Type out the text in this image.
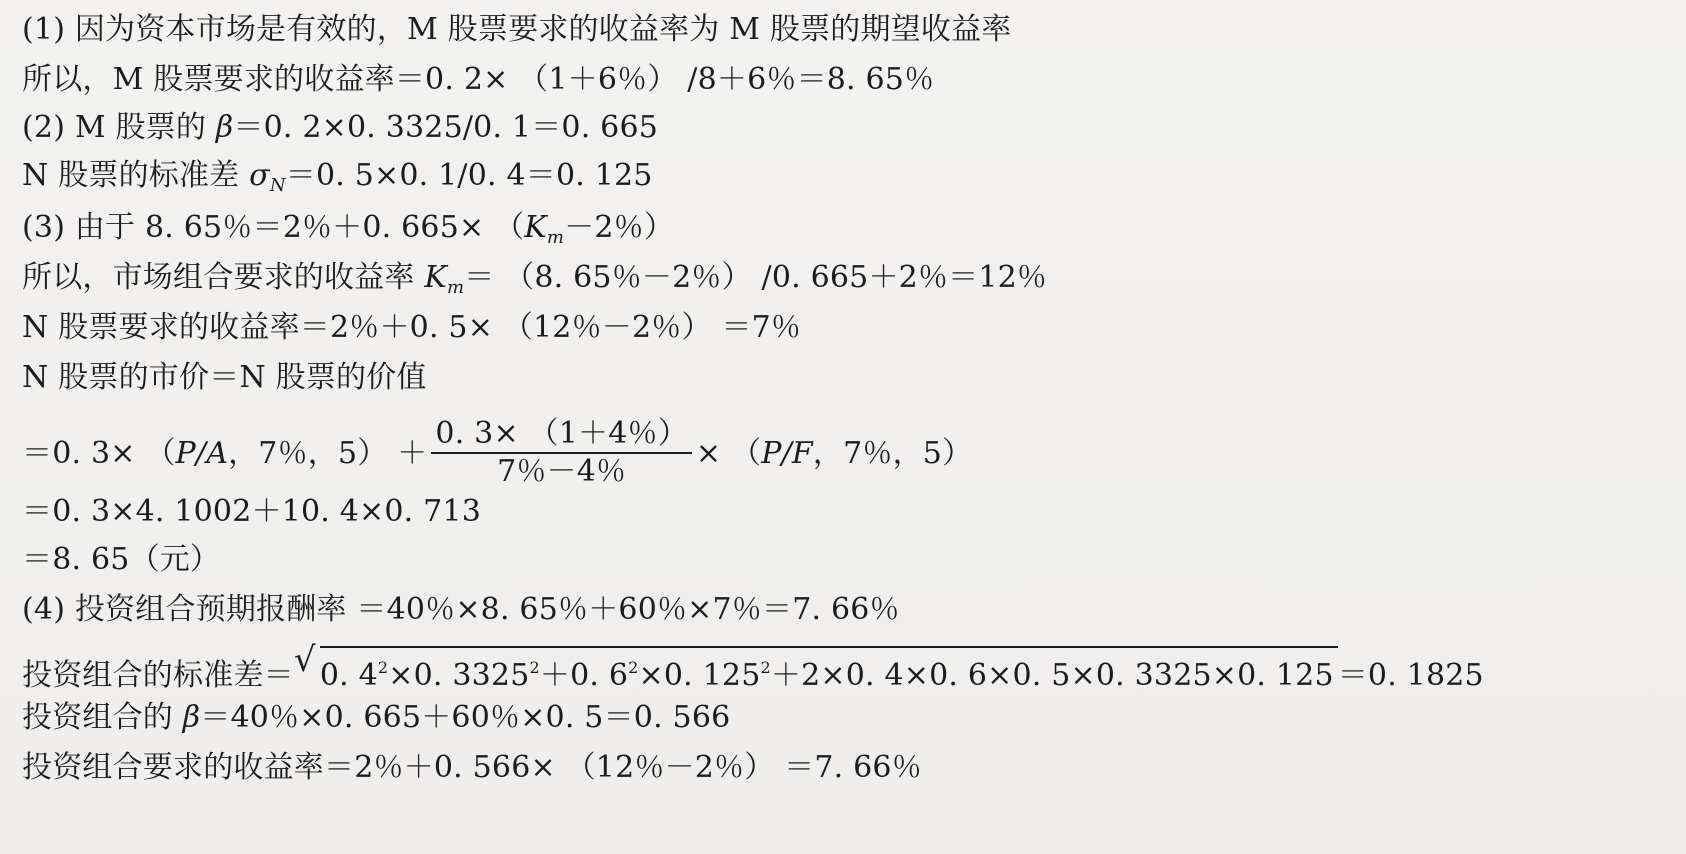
(1) 因为资本市场是有效的，M 股票要求的收益率为 M 股票的期望收益率
所以，M 股票要求的收益率＝0. 2× （1＋6％） /8＋6％＝8. 65％
(2) M 股票的 β＝0. 2×0. 3325/0. 1＝0. 665
N 股票的标准差 $\sigma_N=0$. 5×0. 1/0. 4＝0. 125
(3) 由于 8. 65％＝2％＋0. $665\times (K_m-2$％）
所以，市场组合要求的收益率 $K_m= (8$. 65％－2％） /0. 665＋2％＝12％
N 股票要求的收益率＝2％＋0. 5× （12％－2％） ＝7％
N 股票的市价＝N 股票的价值
＝0. 3× （P/A，7％，$5) + \frac{0. 3\times (1+4\%)}{7\%-4\%} \times (P/F$，7％，5）
＝0. 3×4. 1002＋10. 4×0. 713
＝8. 65（元）
(4) 投资组合预期报酬率 ＝40％×8. 65％＋60％×7％＝7. 66％
投资组合的标准差＝ √ 0. $4^2\times 0$. $3325^2+0$. $6^2\times 0$. $125^2+2\times 0$. 4×0. 6×0. 5×0. 3325×0. 125 ＝0. 1825
投资组合的 β＝40％×0. 665＋60％×0. 5＝0. 566
投资组合要求的收益率＝2％＋0. 566× （12％－2％） ＝7. 66％
